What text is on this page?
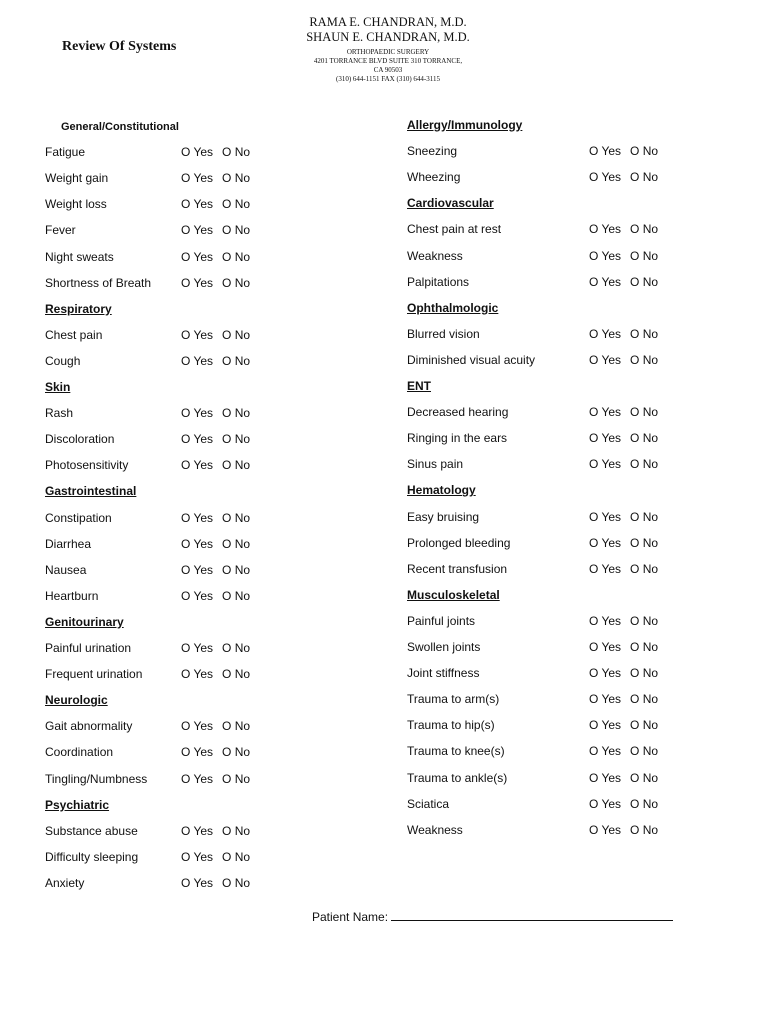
Review Of Systems
RAMA E. CHANDRAN, M.D.
SHAUN E. CHANDRAN, M.D.
ORTHOPAEDIC SURGERY
4201 TORRANCE BLVD SUITE 310 TORRANCE,
CA 90503
(310) 644-1151 FAX (310) 644-3115
General/Constitutional
Fatigue	O Yes O No
Weight gain	O Yes O No
Weight loss	O Yes O No
Fever	O Yes O No
Night sweats	O Yes O No
Shortness of Breath O Yes O No
Respiratory
Chest pain	O Yes O No
Cough	O Yes O No
Skin
Rash	O Yes O No
Discoloration	O Yes O No
Photosensitivity	O Yes O No
Gastrointestinal
Constipation	O Yes O No
Diarrhea	O Yes O No
Nausea	O Yes O No
Heartburn	O Yes O No
Genitourinary
Painful urination	O Yes O No
Frequent urination	O Yes O No
Neurologic
Gait abnormality	O Yes O No
Coordination	O Yes O No
Tingling/Numbness	O Yes O No
Psychiatric
Substance abuse	O Yes O No
Difficulty sleeping	O Yes O No
Anxiety	O Yes O No
Allergy/Immunology
Sneezing	O Yes O No
Wheezing	O Yes O No
Cardiovascular
Chest pain at rest	O Yes O No
Weakness	O Yes O No
Palpitations	O Yes O No
Ophthalmologic
Blurred vision	O Yes O No
Diminished visual acuity	O Yes O No
ENT
Decreased hearing	O Yes O No
Ringing in the ears	O Yes O No
Sinus pain	O Yes O No
Hematology
Easy bruising	O Yes O No
Prolonged bleeding	O Yes O No
Recent transfusion	O Yes O No
Musculoskeletal
Painful joints	O Yes O No
Swollen joints	O Yes O No
Joint stiffness	O Yes O No
Trauma to arm(s)	O Yes O No
Trauma to hip(s)	O Yes O No
Trauma to knee(s)	O Yes O No
Trauma to ankle(s)	O Yes O No
Sciatica	O Yes O No
Weakness	O Yes O No
Patient Name:
